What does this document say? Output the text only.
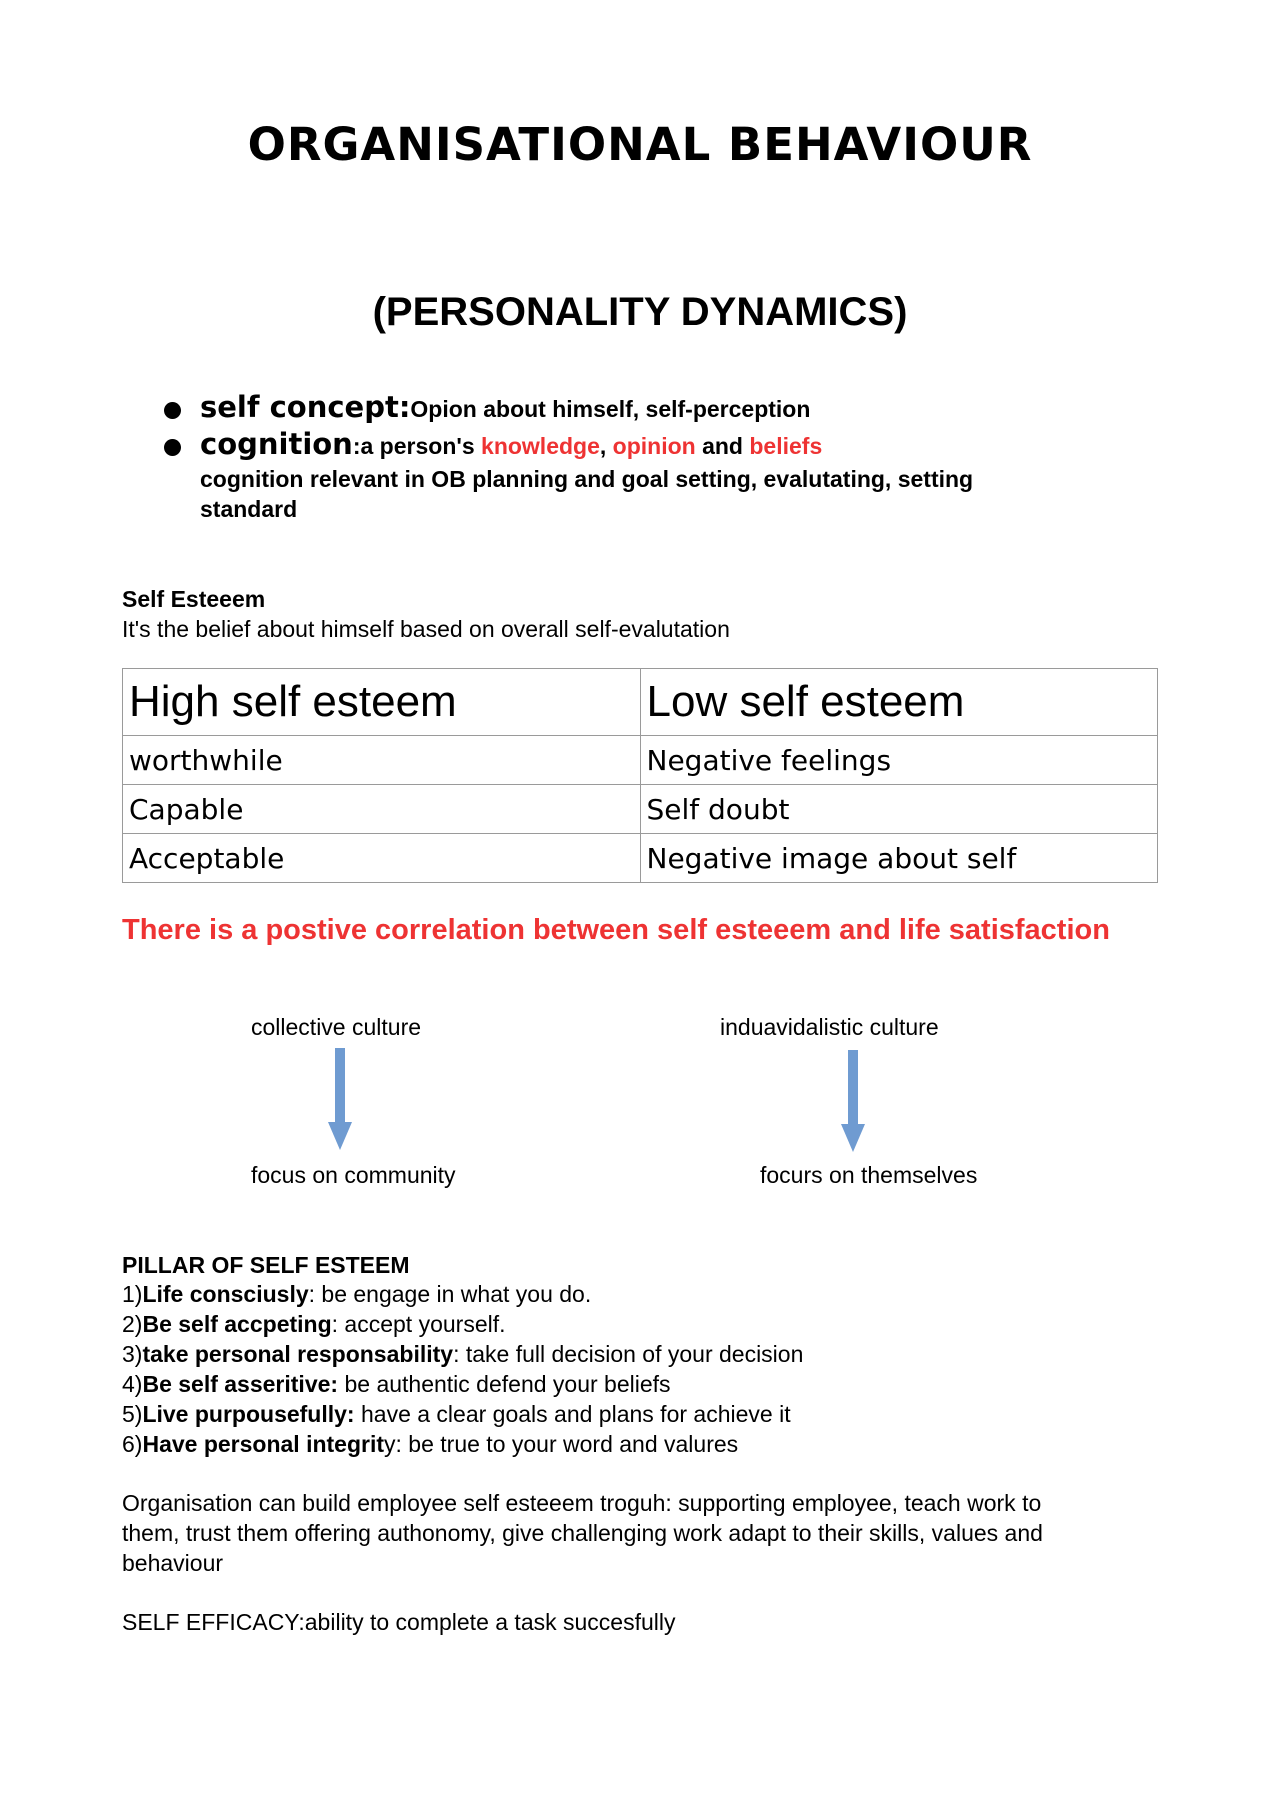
ORGANISATIONAL BEHAVIOUR
(PERSONALITY DYNAMICS)
self concept:Opion about himself, self-perception
cognition:a person's knowledge, opinion and beliefs
cognition relevant in OB planning and goal setting, evalutating, setting
standard
Self Esteeem
It's the belief about himself based on overall self-evalutation
High self esteem	Low self esteem
worthwhile	Negative feelings
Capable	Self doubt
Acceptable	Negative image about self
There is a postive correlation between self esteeem and life satisfaction
collective culture
focus on community
induavidalistic culture
focurs on themselves
PILLAR OF SELF ESTEEM
1)Life consciusly: be engage in what you do.
2)Be self accpeting: accept yourself.
3)take personal responsability: take full decision of your decision
4)Be self asseritive: be authentic defend your beliefs
5)Live purpousefully: have a clear goals and plans for achieve it
6)Have personal integrity: be true to your word and valures
Organisation can build employee self esteeem troguh: supporting employee, teach work to
them, trust them offering authonomy, give challenging work adapt to their skills, values and
behaviour
SELF EFFICACY:ability to complete a task succesfully
